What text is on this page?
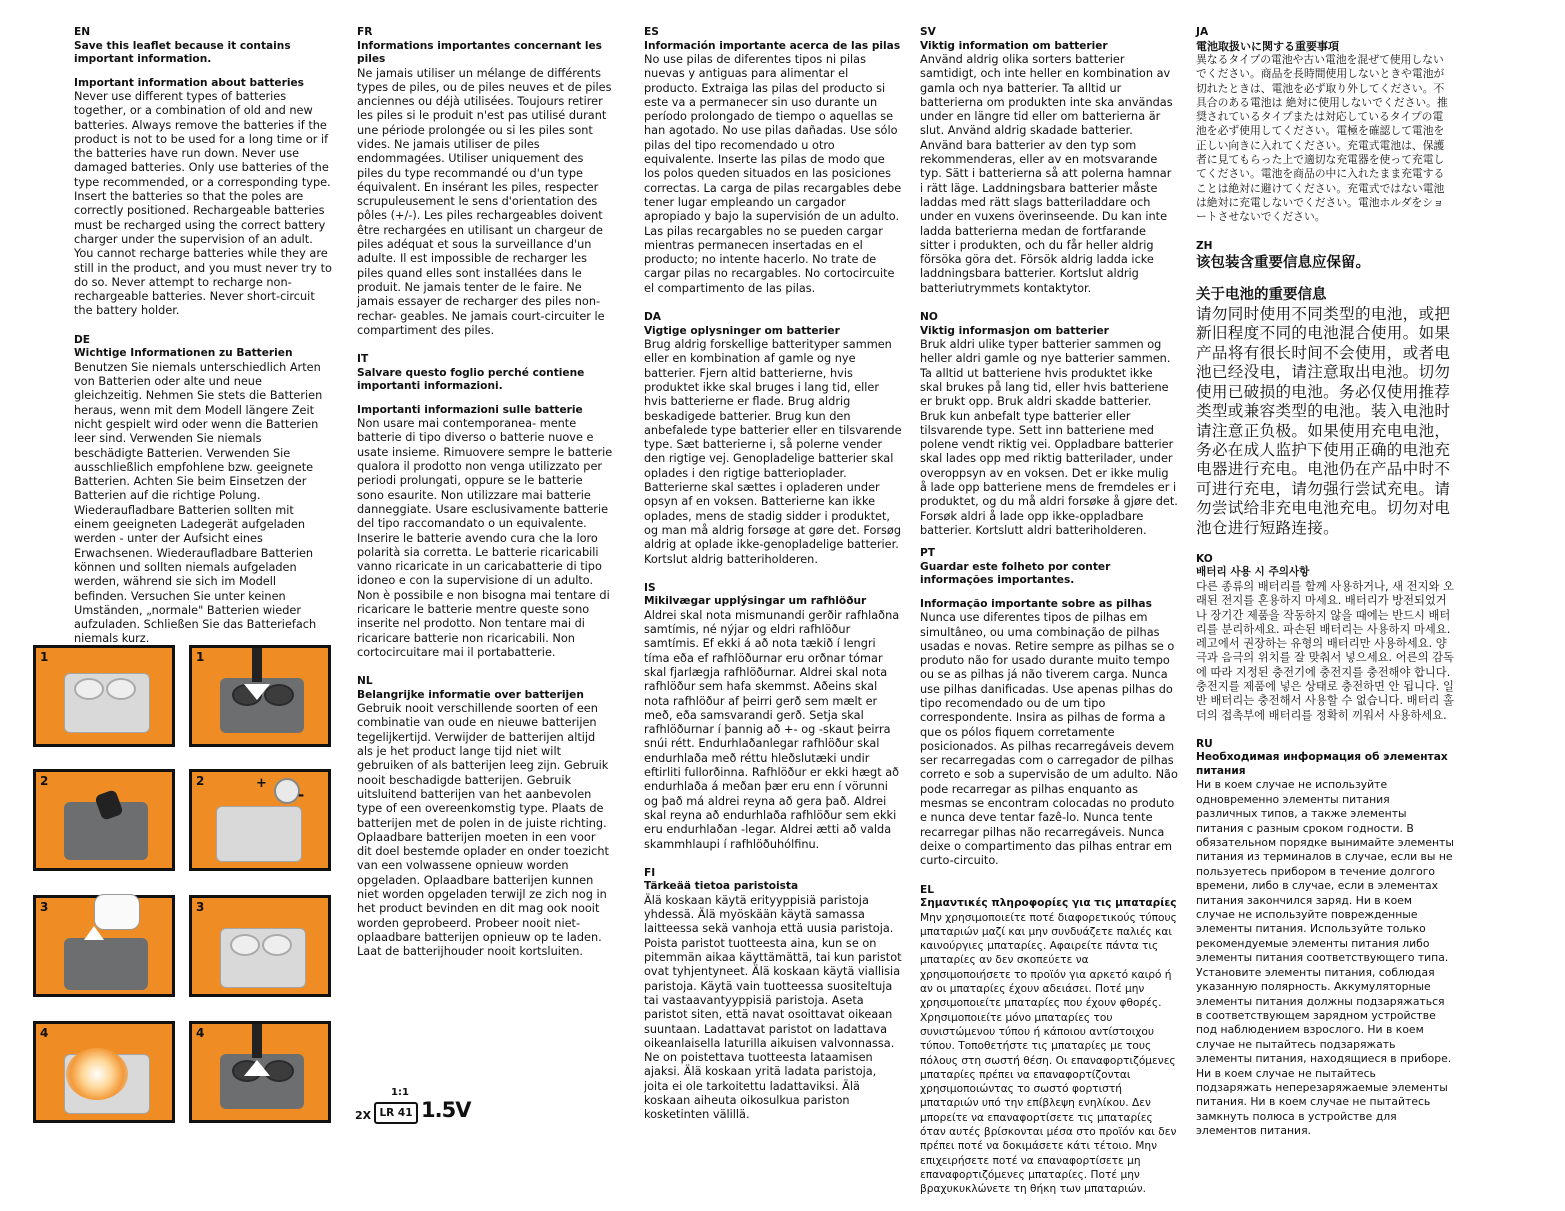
EN
Save this leaflet because it contains important information.
Important information about batteries

Never use different types of batteries together, or a combination of old and new batteries. Always remove the batteries if the product is not to be used for a long time or if the batteries have run down. Never use damaged batteries. Only use batteries of the type recommended, or a corresponding type. Insert the batteries so that the poles are correctly positioned. Rechargeable batteries must be recharged using the correct battery charger under the supervision of an adult. You cannot recharge batteries while they are still in the product, and you must never try to do so. Never attempt to recharge non-rechargeable batteries. Never short-circuit the battery holder.

DE
Wichtige Informationen zu Batterien

Benutzen Sie niemals unterschiedlich Arten von Batterien oder alte und neue gleichzeitig. Nehmen Sie stets die Batterien heraus, wenn mit dem Modell längere Zeit nicht gespielt wird oder wenn die Batterien leer sind. Verwenden Sie niemals beschädigte Batterien. Verwenden Sie ausschließlich empfohlene bzw. geeignete Batterien. Achten Sie beim Einsetzen der Batterien auf die richtige Polung. Wiederaufladbare Batterien sollten mit einem geeigneten Ladegerät aufgeladen werden - unter der Aufsicht eines Erwachsenen. Wiederaufladbare Batterien können und sollten niemals aufgeladen werden, während sie sich im Modell befinden. Versuchen Sie unter keinen Umständen, „normale" Batterien wieder aufzuladen. Schließen Sie das Batteriefach niemals kurz.

1	1
2	2	+
-
3	3
4	4
FR
Informations importantes concernant les piles

Ne jamais utiliser un mélange de différents types de piles, ou de piles neuves et de piles anciennes ou déjà utilisées. Toujours retirer les piles si le produit n'est pas utilisé durant une période prolongée ou si les piles sont vides. Ne jamais utiliser de piles endommagées. Utiliser uniquement des piles du type recommandé ou d'un type équivalent. En insérant les piles, respecter scrupuleusement le sens d'orientation des pôles (+/-). Les piles rechargeables doivent être rechargées en utilisant un chargeur de piles adéquat et sous la surveillance d'un adulte. Il est impossible de recharger les piles quand elles sont installées dans le produit. Ne jamais tenter de le faire. Ne jamais essayer de recharger des piles non-rechar- geables. Ne jamais court-circuiter le compartiment des piles.

IT
Salvare questo foglio perché contiene importanti informazioni.
Importanti informazioni sulle batterie

Non usare mai contemporanea- mente batterie di tipo diverso o batterie nuove e usate insieme. Rimuovere sempre le batterie qualora il prodotto non venga utilizzato per periodi prolungati, oppure se le batterie sono esaurite. Non utilizzare mai batterie danneggiate. Usare esclusivamente batterie del tipo raccomandato o un equivalente. Inserire le batterie avendo cura che la loro polarità sia corretta. Le batterie ricaricabili vanno ricaricate in un caricabatterie di tipo idoneo e con la supervisione di un adulto. Non è possibile e non bisogna mai tentare di ricaricare le batterie mentre queste sono inserite nel prodotto. Non tentare mai di ricaricare batterie non ricaricabili. Non cortocircuitare mai il portabatterie.

NL
Belangrijke informatie over batterijen

Gebruik nooit verschillende soorten of een combinatie van oude en nieuwe batterijen tegelijkertijd. Verwijder de batterijen altijd als je het product lange tijd niet wilt gebruiken of als batterijen leeg zijn. Gebruik nooit beschadigde batterijen. Gebruik uitsluitend batterijen van het aanbevolen type of een overeenkomstig type. Plaats de batterijen met de polen in de juiste richting. Oplaadbare batterijen moeten in een voor dit doel bestemde oplader en onder toezicht van een volwassene opnieuw worden opgeladen. Oplaadbare batterijen kunnen niet worden opgeladen terwijl ze zich nog in het product bevinden en dit mag ook nooit worden geprobeerd. Probeer nooit niet-oplaadbare batterijen opnieuw op te laden. Laat de batterijhouder nooit kortsluiten.

1:1
2X LR 41 1.5V
ES
Información importante acerca de las pilas

No use pilas de diferentes tipos ni pilas nuevas y antiguas para alimentar el producto. Extraiga las pilas del producto si este va a permanecer sin uso durante un período prolongado de tiempo o aquellas se han agotado. No use pilas dañadas. Use sólo pilas del tipo recomendado u otro equivalente. Inserte las pilas de modo que los polos queden situados en las posiciones correctas. La carga de pilas recargables debe tener lugar empleando un cargador apropiado y bajo la supervisión de un adulto. Las pilas recargables no se pueden cargar mientras permanecen insertadas en el producto; no intente hacerlo. No trate de cargar pilas no recargables. No cortocircuite el compartimento de las pilas.

DA
Vigtige oplysninger om batterier

Brug aldrig forskellige batterityper sammen eller en kombination af gamle og nye batterier. Fjern altid batterierne, hvis produktet ikke skal bruges i lang tid, eller hvis batterierne er flade. Brug aldrig beskadigede batterier. Brug kun den anbefalede type batterier eller en tilsvarende type. Sæt batterierne i, så polerne vender den rigtige vej. Genopladelige batterier skal oplades i den rigtige batterioplader. Batterierne skal sættes i opladeren under opsyn af en voksen. Batterierne kan ikke oplades, mens de stadig sidder i produktet, og man må aldrig forsøge at gøre det. Forsøg aldrig at oplade ikke-genopladelige batterier. Kortslut aldrig batteriholderen.

IS
Mikilvægar upplýsingar um rafhlöður

Aldrei skal nota mismunandi gerðir rafhlaðna samtímis, né nýjar og eldri rafhlöður samtímis. Ef ekki á að nota tækið í lengri tíma eða ef rafhlöðurnar eru orðnar tómar skal fjarlægja rafhlöðurnar. Aldrei skal nota rafhlöður sem hafa skemmst. Aðeins skal nota rafhlöður af þeirri gerð sem mælt er með, eða samsvarandi gerð. Setja skal rafhlöðurnar í þannig að +- og -skaut þeirra snúi rétt. Endurhlaðanlegar rafhlöður skal endurhlaða með réttu hleðslutæki undir eftirliti fullorðinna. Rafhlöður er ekki hægt að endurhlaða á meðan þær eru enn í vörunni og það má aldrei reyna að gera það. Aldrei skal reyna að endurhlaða rafhlöður sem ekki eru endurhlaðan -legar. Aldrei ætti að valda skammhlaupi í rafhlöðuhólfinu.

FI
Tärkeää tietoa paristoista

Älä koskaan käytä erityyppisiä paristoja yhdessä. Älä myöskään käytä samassa laitteessa sekä vanhoja että uusia paristoja. Poista paristot tuotteesta aina, kun se on pitemmän aikaa käyttämättä, tai kun paristot ovat tyhjentyneet. Älä koskaan käytä viallisia paristoja. Käytä vain tuotteessa suositeltuja tai vastaavantyyppisiä paristoja. Aseta paristot siten, että navat osoittavat oikeaan suuntaan. Ladattavat paristot on ladattava oikeanlaisella laturilla aikuisen valvonnassa. Ne on poistettava tuotteesta lataamisen ajaksi. Älä koskaan yritä ladata paristoja, joita ei ole tarkoitettu ladattaviksi. Älä koskaan aiheuta oikosulkua pariston kosketinten välillä.

SV
Viktig information om batterier

Använd aldrig olika sorters batterier samtidigt, och inte heller en kombination av gamla och nya batterier. Ta alltid ur batterierna om produkten inte ska användas under en längre tid eller om batterierna är slut. Använd aldrig skadade batterier. Använd bara batterier av den typ som rekommenderas, eller av en motsvarande typ. Sätt i batterierna så att polerna hamnar i rätt läge. Laddningsbara batterier måste laddas med rätt slags batteriladdare och under en vuxens överinseende. Du kan inte ladda batterierna medan de fortfarande sitter i produkten, och du får heller aldrig försöka göra det. Försök aldrig ladda icke laddningsbara batterier. Kortslut aldrig batteriutrymmets kontaktytor.

NO
Viktig informasjon om batterier

Bruk aldri ulike typer batterier sammen og heller aldri gamle og nye batterier sammen. Ta alltid ut batteriene hvis produktet ikke skal brukes på lang tid, eller hvis batteriene er brukt opp. Bruk aldri skadde batterier. Bruk kun anbefalt type batterier eller tilsvarende type. Sett inn batteriene med polene vendt riktig vei. Oppladbare batterier skal lades opp med riktig batterilader, under overoppsyn av en voksen. Det er ikke mulig å lade opp batteriene mens de fremdeles er i produktet, og du må aldri forsøke å gjøre det. Forsøk aldri å lade opp ikke-oppladbare batterier. Kortslutt aldri batteriholderen.

PT
Guardar este folheto por conter informações importantes.
Informação importante sobre as pilhas

Nunca use diferentes tipos de pilhas em simultâneo, ou uma combinação de pilhas usadas e novas. Retire sempre as pilhas se o produto não for usado durante muito tempo ou se as pilhas já não tiverem carga. Nunca use pilhas danificadas. Use apenas pilhas do tipo recomendado ou de um tipo correspondente. Insira as pilhas de forma a que os pólos fiquem corretamente posicionados. As pilhas recarregáveis devem ser recarregadas com o carregador de pilhas correto e sob a supervisão de um adulto. Não pode recarregar as pilhas enquanto as mesmas se encontram colocadas no produto e nunca deve tentar fazê-lo. Nunca tente recarregar pilhas não recarregáveis. Nunca deixe o compartimento das pilhas entrar em curto-circuito.

EL
Σημαντικές πληροφορίες για τις μπαταρίες

Μην χρησιμοποιείτε ποτέ διαφορετικούς τύπους μπαταριών μαζί και μην συνδυάζετε παλιές και καινούργιες μπαταρίες. Αφαιρείτε πάντα τις μπαταρίες αν δεν σκοπεύετε να χρησιμοποιήσετε το προϊόν για αρκετό καιρό ή αν οι μπαταρίες έχουν αδειάσει. Ποτέ μην χρησιμοποιείτε μπαταρίες που έχουν φθορές. Χρησιμοποιείτε μόνο μπαταρίες του συνιστώμενου τύπου ή κάποιου αντίστοιχου τύπου. Τοποθετήστε τις μπαταρίες με τους πόλους στη σωστή θέση. Οι επαναφορτιζόμενες μπαταρίες πρέπει να επαναφορτίζονται χρησιμοποιώντας το σωστό φορτιστή μπαταριών υπό την επίβλεψη ενηλίκου. Δεν μπορείτε να επαναφορτίσετε τις μπαταρίες όταν αυτές βρίσκονται μέσα στο προϊόν και δεν πρέπει ποτέ να δοκιμάσετε κάτι τέτοιο. Μην επιχειρήσετε ποτέ να επαναφορτίσετε μη επαναφορτιζόμενες μπαταρίες. Ποτέ μην βραχυκυκλώνετε τη θήκη των μπαταριών.

JA
電池取扱いに関する重要事項

異なるタイプの電池や古い電池を混ぜて使用しないでください。商品を長時間使用しないときや電池が切れたときは、電池を必ず取り外してください。不具合のある電池は 絶対に使用しないでください。推奨されているタイプまたは対応しているタイプの電池を必ず使用してください。電極を確認して電池を正しい向きに入れてください。充電式電池は、保護者に見てもらった上で適切な充電器を使って充電してください。電池を商品の中に入れたまま充電することは絶対に避けてください。充電式ではない電池は絶対に充電しないでください。電池ホルダをショートさせないでください。

ZH
该包装含重要信息应保留。
关于电池的重要信息

请勿同时使用不同类型的电池，或把新旧程度不同的电池混合使用。如果产品将有很长时间不会使用，或者电池已经没电，请注意取出电池。切勿使用已破损的电池。务必仅使用推荐类型或兼容类型的电池。装入电池时请注意正负极。如果使用充电电池，务必在成人监护下使用正确的电池充电器进行充电。电池仍在产品中时不可进行充电，请勿强行尝试充电。请勿尝试给非充电电池充电。切勿对电池仓进行短路连接。

KO
배터리 사용 시 주의사항

다른 종류의 배터리를 함께 사용하거나, 새 전지와 오래된 전지를 혼용하지 마세요. 배터리가 방전되었거나 장기간 제품을 작동하지 않을 때에는 반드시 배터리를 분리하세요. 파손된 배터리는 사용하지 마세요. 레고에서 권장하는 유형의 배터리만 사용하세요. 양극과 음극의 위치를 잘 맞춰서 넣으세요. 어른의 감독에 따라 지정된 충전기에 충전지를 충전해야 합니다. 충전지를 제품에 넣은 상태로 충전하면 안 됩니다. 일반 배터리는 충전해서 사용할 수 없습니다. 배터리 홀더의 접촉부에 배터리를 정확히 끼워서 사용하세요.

RU
Необходимая информация об элементах питания

Ни в коем случае не используйте одновременно элементы питания различных типов, а также элементы питания с разным сроком годности. В обязательном порядке вынимайте элементы питания из терминалов в случае, если вы не пользуетесь прибором в течение долгого времени, либо в случае, если в элементах питания закончился заряд. Ни в коем случае не используйте поврежденные элементы питания. Используйте только рекомендуемые элементы питания либо элементы питания соответствующего типа. Установите элементы питания, соблюдая указанную полярность. Аккумуляторные элементы питания должны подзаряжаться в соответствующем зарядном устройстве под наблюдением взрослого. Ни в коем случае не пытайтесь подзаряжать элементы питания, находящиеся в приборе. Ни в коем случае не пытайтесь подзаряжать неперезаряжаемые элементы питания. Ни в коем случае не пытайтесь замкнуть полюса в устройстве для элементов питания.
